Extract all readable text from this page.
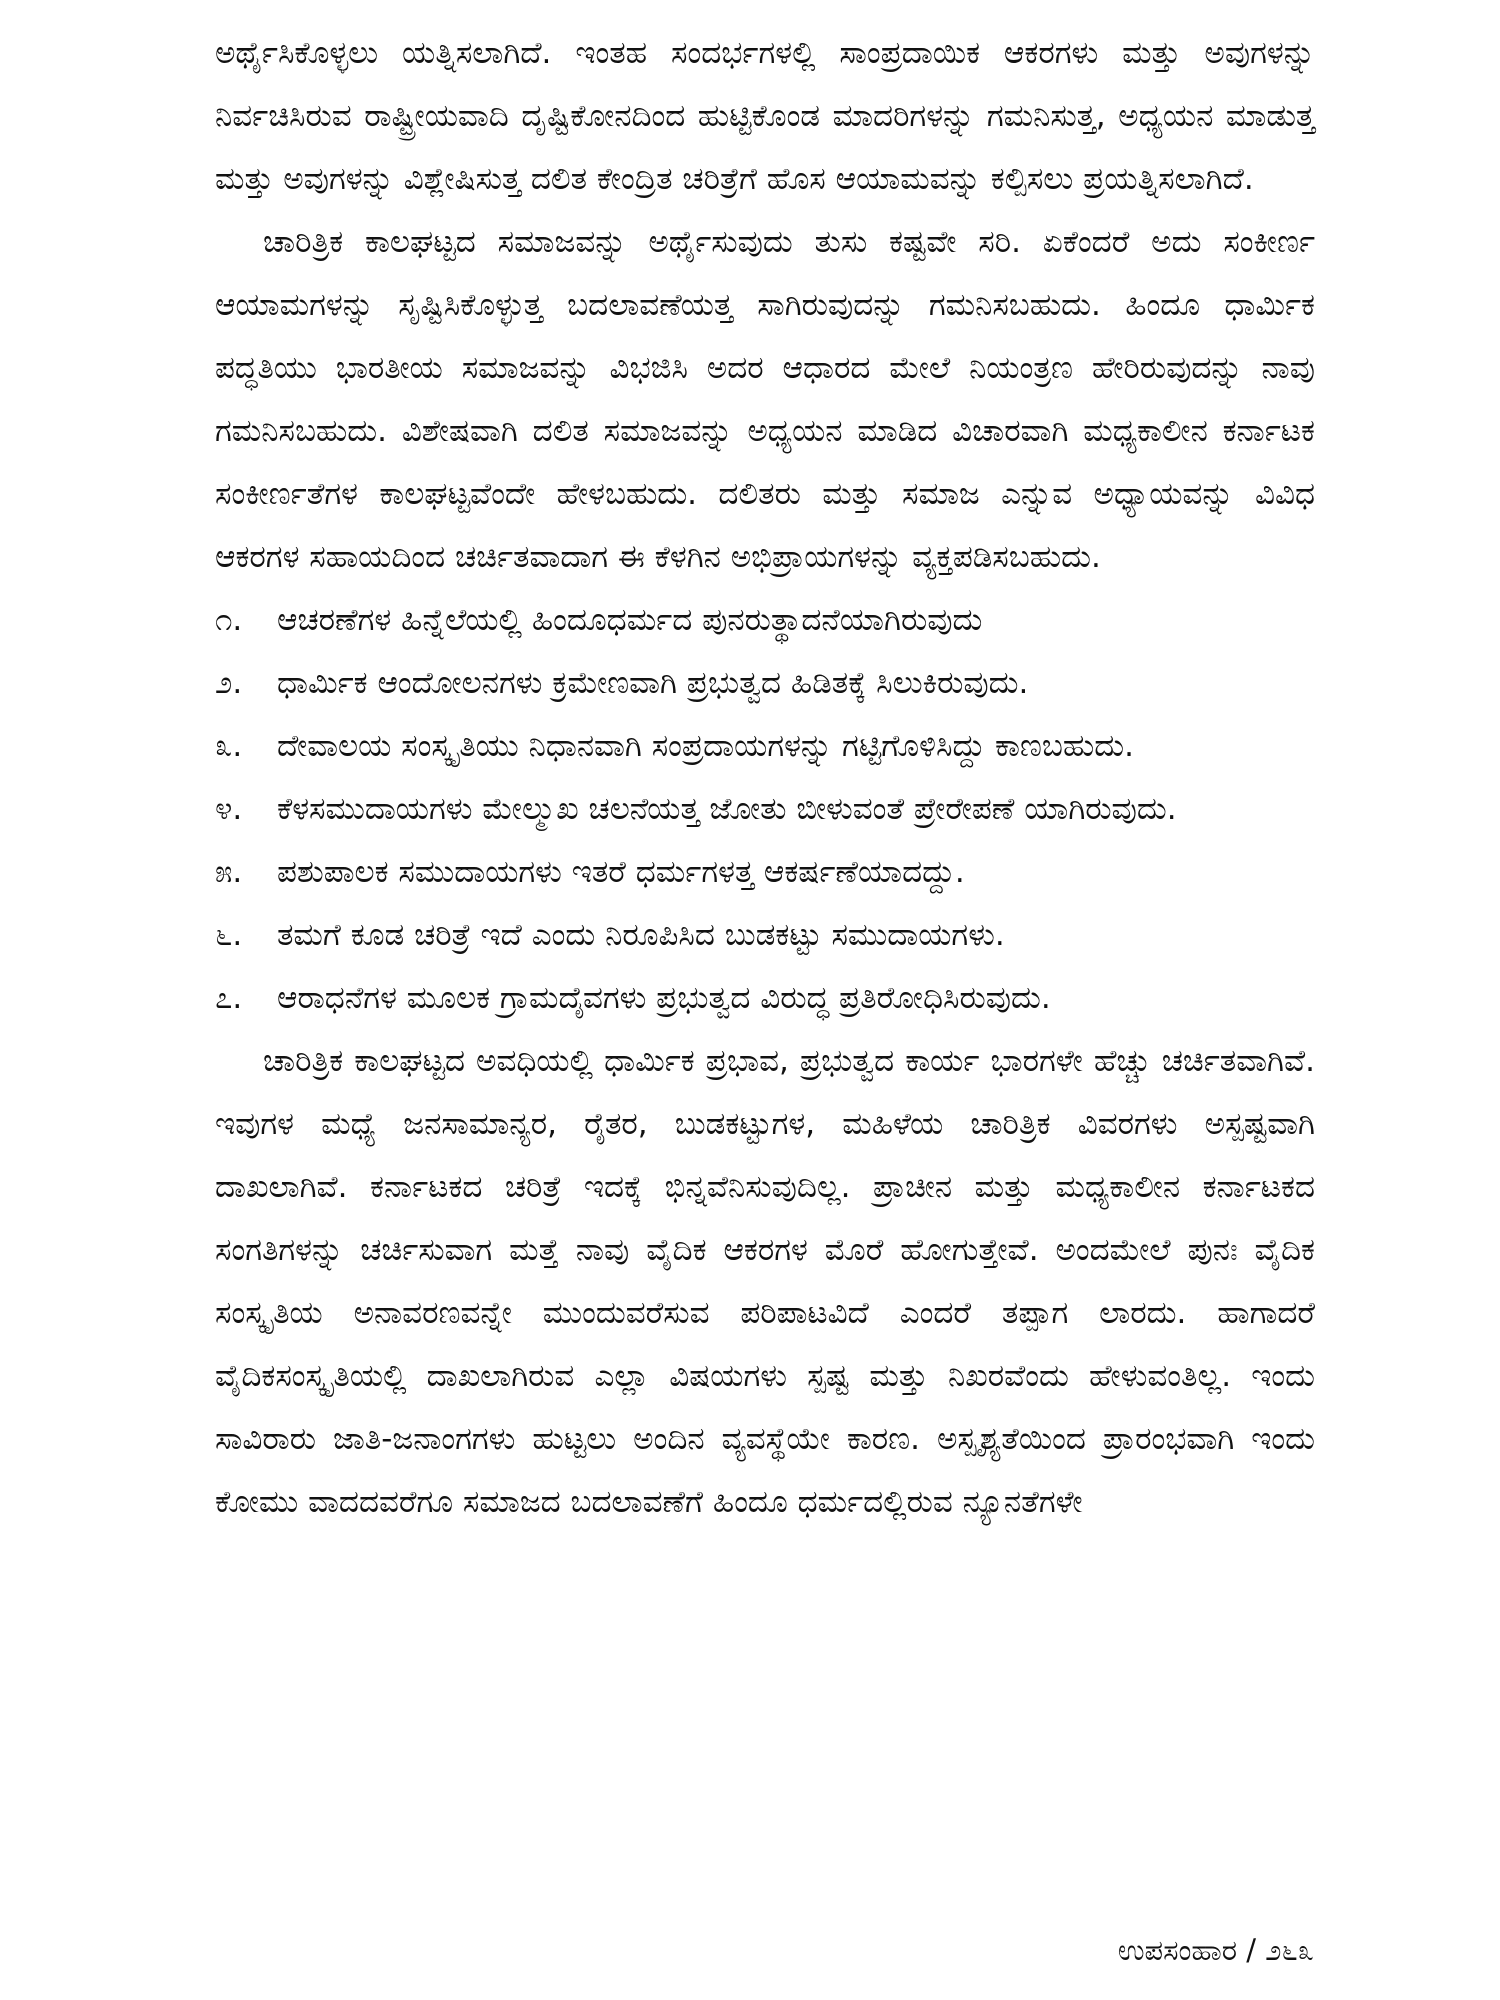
ಅರ್ಥೈಸಿಕೊಳ್ಳಲು ಯತ್ನಿಸಲಾಗಿದೆ. ಇಂತಹ ಸಂದರ್ಭಗಳಲ್ಲಿ ಸಾಂಪ್ರದಾಯಿಕ ಆಕರಗಳು ಮತ್ತು ಅವುಗಳನ್ನು ನಿರ್ವಚಿಸಿರುವ ರಾಷ್ಟ್ರೀಯವಾದಿ ದೃಷ್ಟಿಕೋನದಿಂದ ಹುಟ್ಟಿಕೊಂಡ ಮಾದರಿಗಳನ್ನು ಗಮನಿಸುತ್ತ, ಅಧ್ಯಯನ ಮಾಡುತ್ತ ಮತ್ತು ಅವುಗಳನ್ನು ವಿಶ್ಲೇಷಿಸುತ್ತ ದಲಿತ ಕೇಂದ್ರಿತ ಚರಿತ್ರೆಗೆ ಹೊಸ ಆಯಾಮವನ್ನು ಕಲ್ಪಿಸಲು ಪ್ರಯತ್ನಿಸಲಾಗಿದೆ.

ಚಾರಿತ್ರಿಕ ಕಾಲಘಟ್ಟದ ಸಮಾಜವನ್ನು ಅರ್ಥೈಸುವುದು ತುಸು ಕಷ್ಟವೇ ಸರಿ. ಏಕೆಂದರೆ ಅದು ಸಂಕೀರ್ಣ ಆಯಾಮಗಳನ್ನು ಸೃಷ್ಟಿಸಿಕೊಳ್ಳುತ್ತ ಬದಲಾವಣೆಯತ್ತ ಸಾಗಿರುವುದನ್ನು ಗಮನಿಸಬಹುದು. ಹಿಂದೂ ಧಾರ್ಮಿಕ ಪದ್ಧತಿಯು ಭಾರತೀಯ ಸಮಾಜವನ್ನು ವಿಭಜಿಸಿ ಅದರ ಆಧಾರದ ಮೇಲೆ ನಿಯಂತ್ರಣ ಹೇರಿರುವುದನ್ನು ನಾವು ಗಮನಿಸಬಹುದು. ವಿಶೇಷವಾಗಿ ದಲಿತ ಸಮಾಜವನ್ನು ಅಧ್ಯಯನ ಮಾಡಿದ ವಿಚಾರವಾಗಿ ಮಧ್ಯಕಾಲೀನ ಕರ್ನಾಟಕ ಸಂಕೀರ್ಣತೆಗಳ ಕಾಲಘಟ್ಟವೆಂದೇ ಹೇಳಬಹುದು. ದಲಿತರು ಮತ್ತು ಸಮಾಜ ಎನ್ನುವ ಅಧ್ಯಾಯವನ್ನು ವಿವಿಧ ಆಕರಗಳ ಸಹಾಯದಿಂದ ಚರ್ಚಿತವಾದಾಗ ಈ ಕೆಳಗಿನ ಅಭಿಪ್ರಾಯಗಳನ್ನು ವ್ಯಕ್ತಪಡಿಸಬಹುದು.

೧.	ಆಚರಣೆಗಳ ಹಿನ್ನೆಲೆಯಲ್ಲಿ ಹಿಂದೂಧರ್ಮದ ಪುನರುತ್ಥಾದನೆಯಾಗಿರುವುದು
೨.	ಧಾರ್ಮಿಕ ಆಂದೋಲನಗಳು ಕ್ರಮೇಣವಾಗಿ ಪ್ರಭುತ್ವದ ಹಿಡಿತಕ್ಕೆ ಸಿಲುಕಿರುವುದು.
೩.	ದೇವಾಲಯ ಸಂಸ್ಕೃತಿಯು ನಿಧಾನವಾಗಿ ಸಂಪ್ರದಾಯಗಳನ್ನು ಗಟ್ಟಿಗೊಳಿಸಿದ್ದು ಕಾಣಬಹುದು.
೪.	ಕೆಳಸಮುದಾಯಗಳು ಮೇಲ್ಮುಖ ಚಲನೆಯತ್ತ ಜೋತು ಬೀಳುವಂತೆ ಪ್ರೇರೇಪಣೆ ಯಾಗಿರುವುದು.
೫.	ಪಶುಪಾಲಕ ಸಮುದಾಯಗಳು ಇತರೆ ಧರ್ಮಗಳತ್ತ ಆಕರ್ಷಣೆಯಾದದ್ದು.
೬.	ತಮಗೆ ಕೂಡ ಚರಿತ್ರೆ ಇದೆ ಎಂದು ನಿರೂಪಿಸಿದ ಬುಡಕಟ್ಟು ಸಮುದಾಯಗಳು.
೭.	ಆರಾಧನೆಗಳ ಮೂಲಕ ಗ್ರಾಮದೈವಗಳು ಪ್ರಭುತ್ವದ ವಿರುದ್ಧ ಪ್ರತಿರೋಧಿಸಿರುವುದು.

ಚಾರಿತ್ರಿಕ ಕಾಲಘಟ್ಟದ ಅವಧಿಯಲ್ಲಿ ಧಾರ್ಮಿಕ ಪ್ರಭಾವ, ಪ್ರಭುತ್ವದ ಕಾರ್ಯ ಭಾರಗಳೇ ಹೆಚ್ಚು ಚರ್ಚಿತವಾಗಿವೆ. ಇವುಗಳ ಮಧ್ಯೆ ಜನಸಾಮಾನ್ಯರ, ರೈತರ, ಬುಡಕಟ್ಟುಗಳ, ಮಹಿಳೆಯ ಚಾರಿತ್ರಿಕ ವಿವರಗಳು ಅಸ್ಪಷ್ಟವಾಗಿ ದಾಖಲಾಗಿವೆ. ಕರ್ನಾಟಕದ ಚರಿತ್ರೆ ಇದಕ್ಕೆ ಭಿನ್ನವೆನಿಸುವುದಿಲ್ಲ. ಪ್ರಾಚೀನ ಮತ್ತು ಮಧ್ಯಕಾಲೀನ ಕರ್ನಾಟಕದ ಸಂಗತಿಗಳನ್ನು ಚರ್ಚಿಸುವಾಗ ಮತ್ತೆ ನಾವು ವೈದಿಕ ಆಕರಗಳ ಮೊರೆ ಹೋಗುತ್ತೇವೆ. ಅಂದಮೇಲೆ ಪುನಃ ವೈದಿಕ ಸಂಸ್ಕೃತಿಯ ಅನಾವರಣವನ್ನೇ ಮುಂದುವರೆಸುವ ಪರಿಪಾಟವಿದೆ ಎಂದರೆ ತಪ್ಪಾಗ ಲಾರದು. ಹಾಗಾದರೆ ವೈದಿಕಸಂಸ್ಕೃತಿಯಲ್ಲಿ ದಾಖಲಾಗಿರುವ ಎಲ್ಲಾ ವಿಷಯಗಳು ಸ್ಪಷ್ಟ ಮತ್ತು ನಿಖರವೆಂದು ಹೇಳುವಂತಿಲ್ಲ. ಇಂದು ಸಾವಿರಾರು ಜಾತಿ-ಜನಾಂಗಗಳು ಹುಟ್ಟಲು ಅಂದಿನ ವ್ಯವಸ್ಥೆಯೇ ಕಾರಣ. ಅಸ್ಪೃಶ್ಯತೆಯಿಂದ ಪ್ರಾರಂಭವಾಗಿ ಇಂದು ಕೋಮು ವಾದದವರೆಗೂ ಸಮಾಜದ ಬದಲಾವಣೆಗೆ ಹಿಂದೂ ಧರ್ಮದಲ್ಲಿರುವ ನ್ಯೂನತೆಗಳೇ

ಉಪಸಂಹಾರ / ೨೬೩
